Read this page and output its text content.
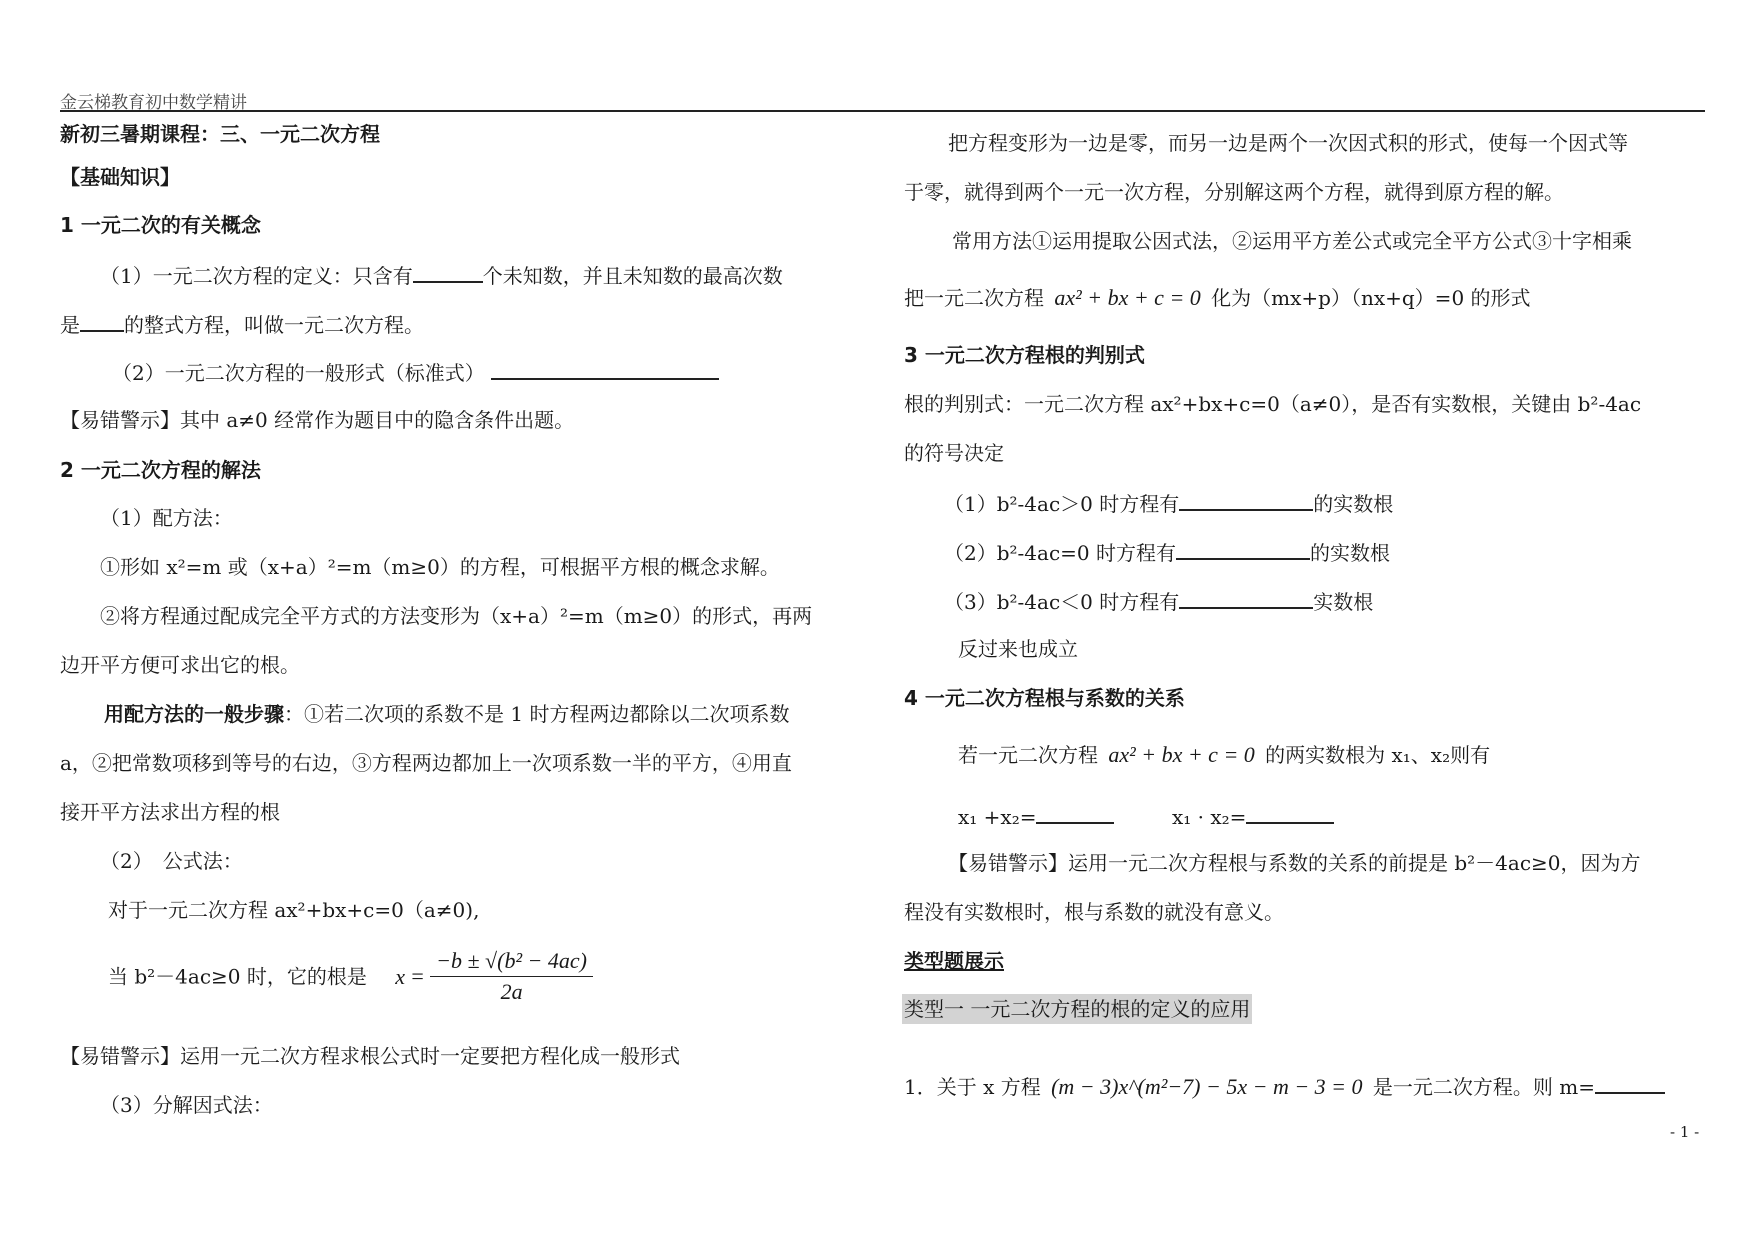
金云梯教育初中数学精讲
新初三暑期课程：三、一元二次方程
【基础知识】
1 一元二次的有关概念
（1）一元二次方程的定义：只含有	个未知数，并且未知数的最高次数
是 的整式方程，叫做一元二次方程。
（2）一元二次方程的一般形式（标准式）
【易错警示】其中 a≠0 经常作为题目中的隐含条件出题。
2 一元二次方程的解法
（1）配方法：
①形如 x²=m 或（x+a）²=m（m≥0）的方程，可根据平方根的概念求解。
②将方程通过配成完全平方式的方法变形为（x+a）²=m（m≥0）的形式，再两
边开平方便可求出它的根。
用配方法的一般步骤：①若二次项的系数不是 1 时方程两边都除以二次项系数
a，②把常数项移到等号的右边，③方程两边都加上一次项系数一半的平方，④用直
接开平方法求出方程的根
（2）　公式法：
对于一元二次方程 ax²+bx+c=0（a≠0),
当 b²－4ac≥0 时，它的根是 $x = \frac{\text{−b ± √(b² − 4ac)}}{2a}$
【易错警示】运用一元二次方程求根公式时一定要把方程化成一般形式
（3）分解因式法：
把方程变形为一边是零，而另一边是两个一次因式积的形式，使每一个因式等
于零，就得到两个一元一次方程，分别解这两个方程，就得到原方程的解。
常用方法①运用提取公因式法，②运用平方差公式或完全平方公式③十字相乘
把一元二次方程 ax² + bx + c = 0 化为（mx+p）（nx+q）=0 的形式
3 一元二次方程根的判别式
根的判别式：一元二次方程 ax²+bx+c=0（a≠0），是否有实数根，关键由 b²-4ac
的符号决定
（1）b²-4ac＞0 时方程有	的实数根
（2）b²-4ac=0 时方程有	的实数根
（3）b²-4ac＜0 时方程有	实数根
反过来也成立
4 一元二次方程根与系数的关系
若一元二次方程 ax² + bx + c = 0 的两实数根为 x₁、x₂则有
x₁ +x₂=	x₁ · x₂=
【易错警示】运用一元二次方程根与系数的关系的前提是 b²－4ac≥0，因为方
程没有实数根时，根与系数的就没有意义。
类型题展示
类型一 一元二次方程的根的定义的应用
1．关于 x 方程 (m − 3)x^(m²−7) − 5x − m − 3 = 0 是一元二次方程。则 m=
- 1 -
